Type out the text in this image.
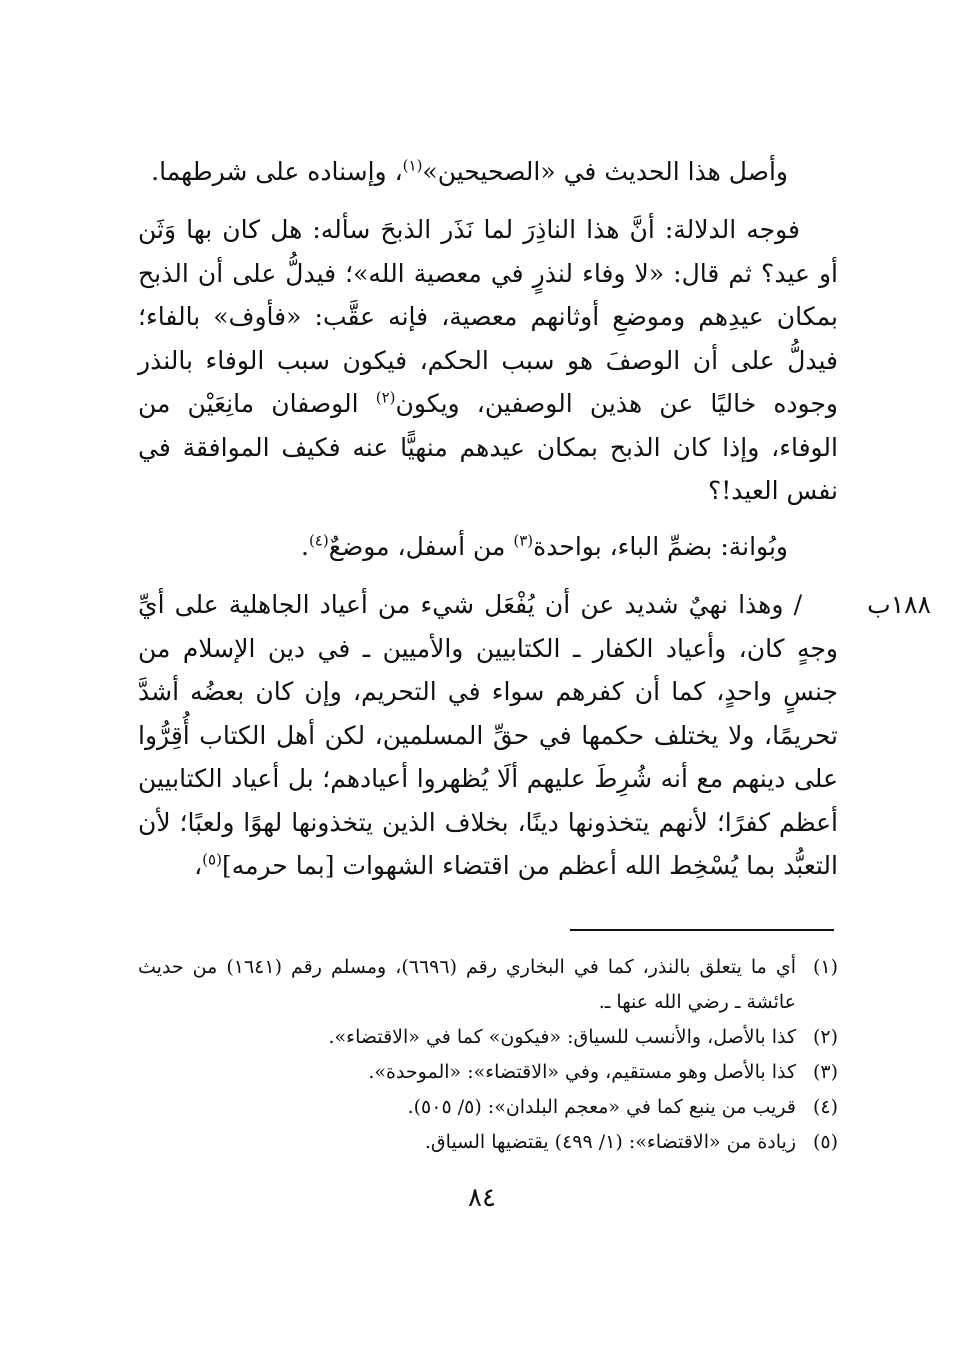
وأصل هذا الحديث في «الصحيحين»$^{(١)}$، وإسناده على شرطهما.
فوجه الدلالة: أنَّ هذا الناذِرَ لما نَذَر الذبحَ سأله: هل كان بها وَثَن أو عيد؟ ثم قال: «لا وفاء لنذرٍ في معصية الله»؛ فيدلُّ على أن الذبح بمكان عيدِهم وموضعِ أوثانهم معصية، فإنه عقَّب: «فأوف» بالفاء؛ فيدلُّ على أن الوصفَ هو سبب الحكم، فيكون سبب الوفاء بالنذر وجوده خاليًا عن هذين الوصفين، ويكون$^{(٢)}$ الوصفان مانِعَيْن من الوفاء، وإذا كان الذبح بمكان عيدهم منهيًّا عنه فكيف الموافقة في نفس العيد!؟
وبُوانة: بضمِّ الباء، بواحدة$^{(٣)}$ من أسفل، موضعٌ$^{(٤)}$.
١٨٨ب
/ وهذا نهيٌ شديد عن أن يُفْعَل شيء من أعياد الجاهلية على أيِّ وجهٍ كان، وأعياد الكفار ـ الكتابيين والأميين ـ في دين الإسلام من جنسٍ واحدٍ، كما أن كفرهم سواء في التحريم، وإن كان بعضُه أشدَّ تحريمًا، ولا يختلف حكمها في حقِّ المسلمين، لكن أهل الكتاب أُقِرُّوا على دينهم مع أنه شُرِطَ عليهم ألَا يُظهروا أعيادهم؛ بل أعياد الكتابيين أعظم كفرًا؛ لأنهم يتخذونها دينًا، بخلاف الذين يتخذونها لهوًا ولعبًا؛ لأن التعبُّد بما يُسْخِط الله أعظم من اقتضاء الشهوات [بما حرمه]$^{(٥)}$،
(١)
أي ما يتعلق بالنذر، كما في البخاري رقم (٦٦٩٦)، ومسلم رقم (١٦٤١) من حديث عائشة ـ رضي الله عنها ـ.
(٢)
كذا بالأصل، والأنسب للسياق: «فيكون» كما في «الاقتضاء».
(٣)
كذا بالأصل وهو مستقيم، وفي «الاقتضاء»: «الموحدة».
(٤)
قريب من ينبع كما في «معجم البلدان»: (٥/ ٥٠٥).
(٥)
زيادة من «الاقتضاء»: (١/ ٤٩٩) يقتضيها السياق.
٨٤
